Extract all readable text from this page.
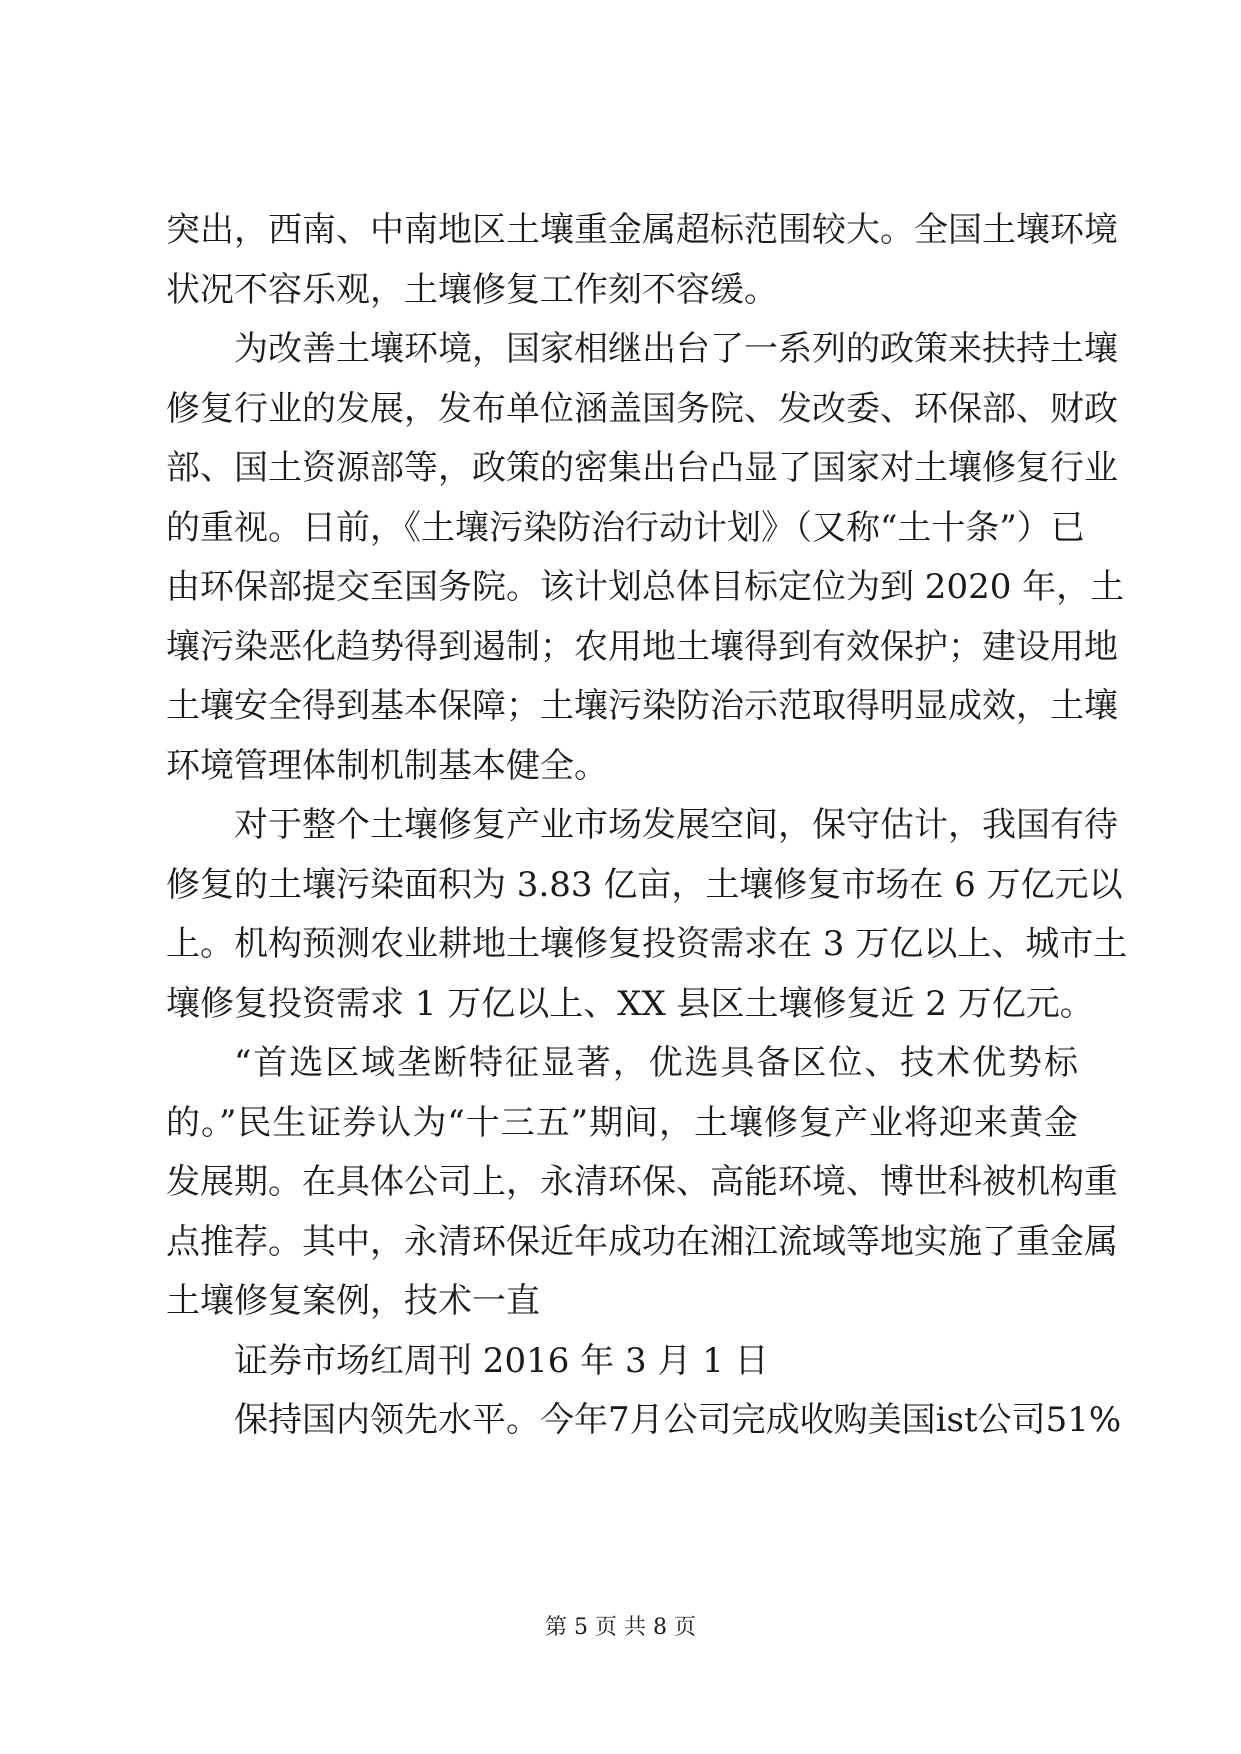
突出，西南、中南地区土壤重金属超标范围较大。全国土壤环境
状况不容乐观，土壤修复工作刻不容缓。
为改善土壤环境，国家相继出台了一系列的政策来扶持土壤
修复行业的发展，发布单位涵盖国务院、发改委、环保部、财政
部、国土资源部等，政策的密集出台凸显了国家对土壤修复行业
的重视。日前，《土壤污染防治行动计划》（又称“土十条”）已
由环保部提交至国务院。该计划总体目标定位为到 2020 年，土
壤污染恶化趋势得到遏制；农用地土壤得到有效保护；建设用地
土壤安全得到基本保障；土壤污染防治示范取得明显成效，土壤
环境管理体制机制基本健全。
对于整个土壤修复产业市场发展空间，保守估计，我国有待
修复的土壤污染面积为 3.83 亿亩，土壤修复市场在 6 万亿元以
上。机构预测农业耕地土壤修复投资需求在 3 万亿以上、城市土
壤修复投资需求 1 万亿以上、XX 县区土壤修复近 2 万亿元。
“首选区域垄断特征显著，优选具备区位、技术优势标
的。”民生证券认为“十三五”期间，土壤修复产业将迎来黄金
发展期。在具体公司上，永清环保、高能环境、博世科被机构重
点推荐。其中，永清环保近年成功在湘江流域等地实施了重金属
土壤修复案例，技术一直
证券市场红周刊 2016 年 3 月 1 日
保持国内领先水平。今年7月公司完成收购美国ist公司51%
第 5 页 共 8 页
